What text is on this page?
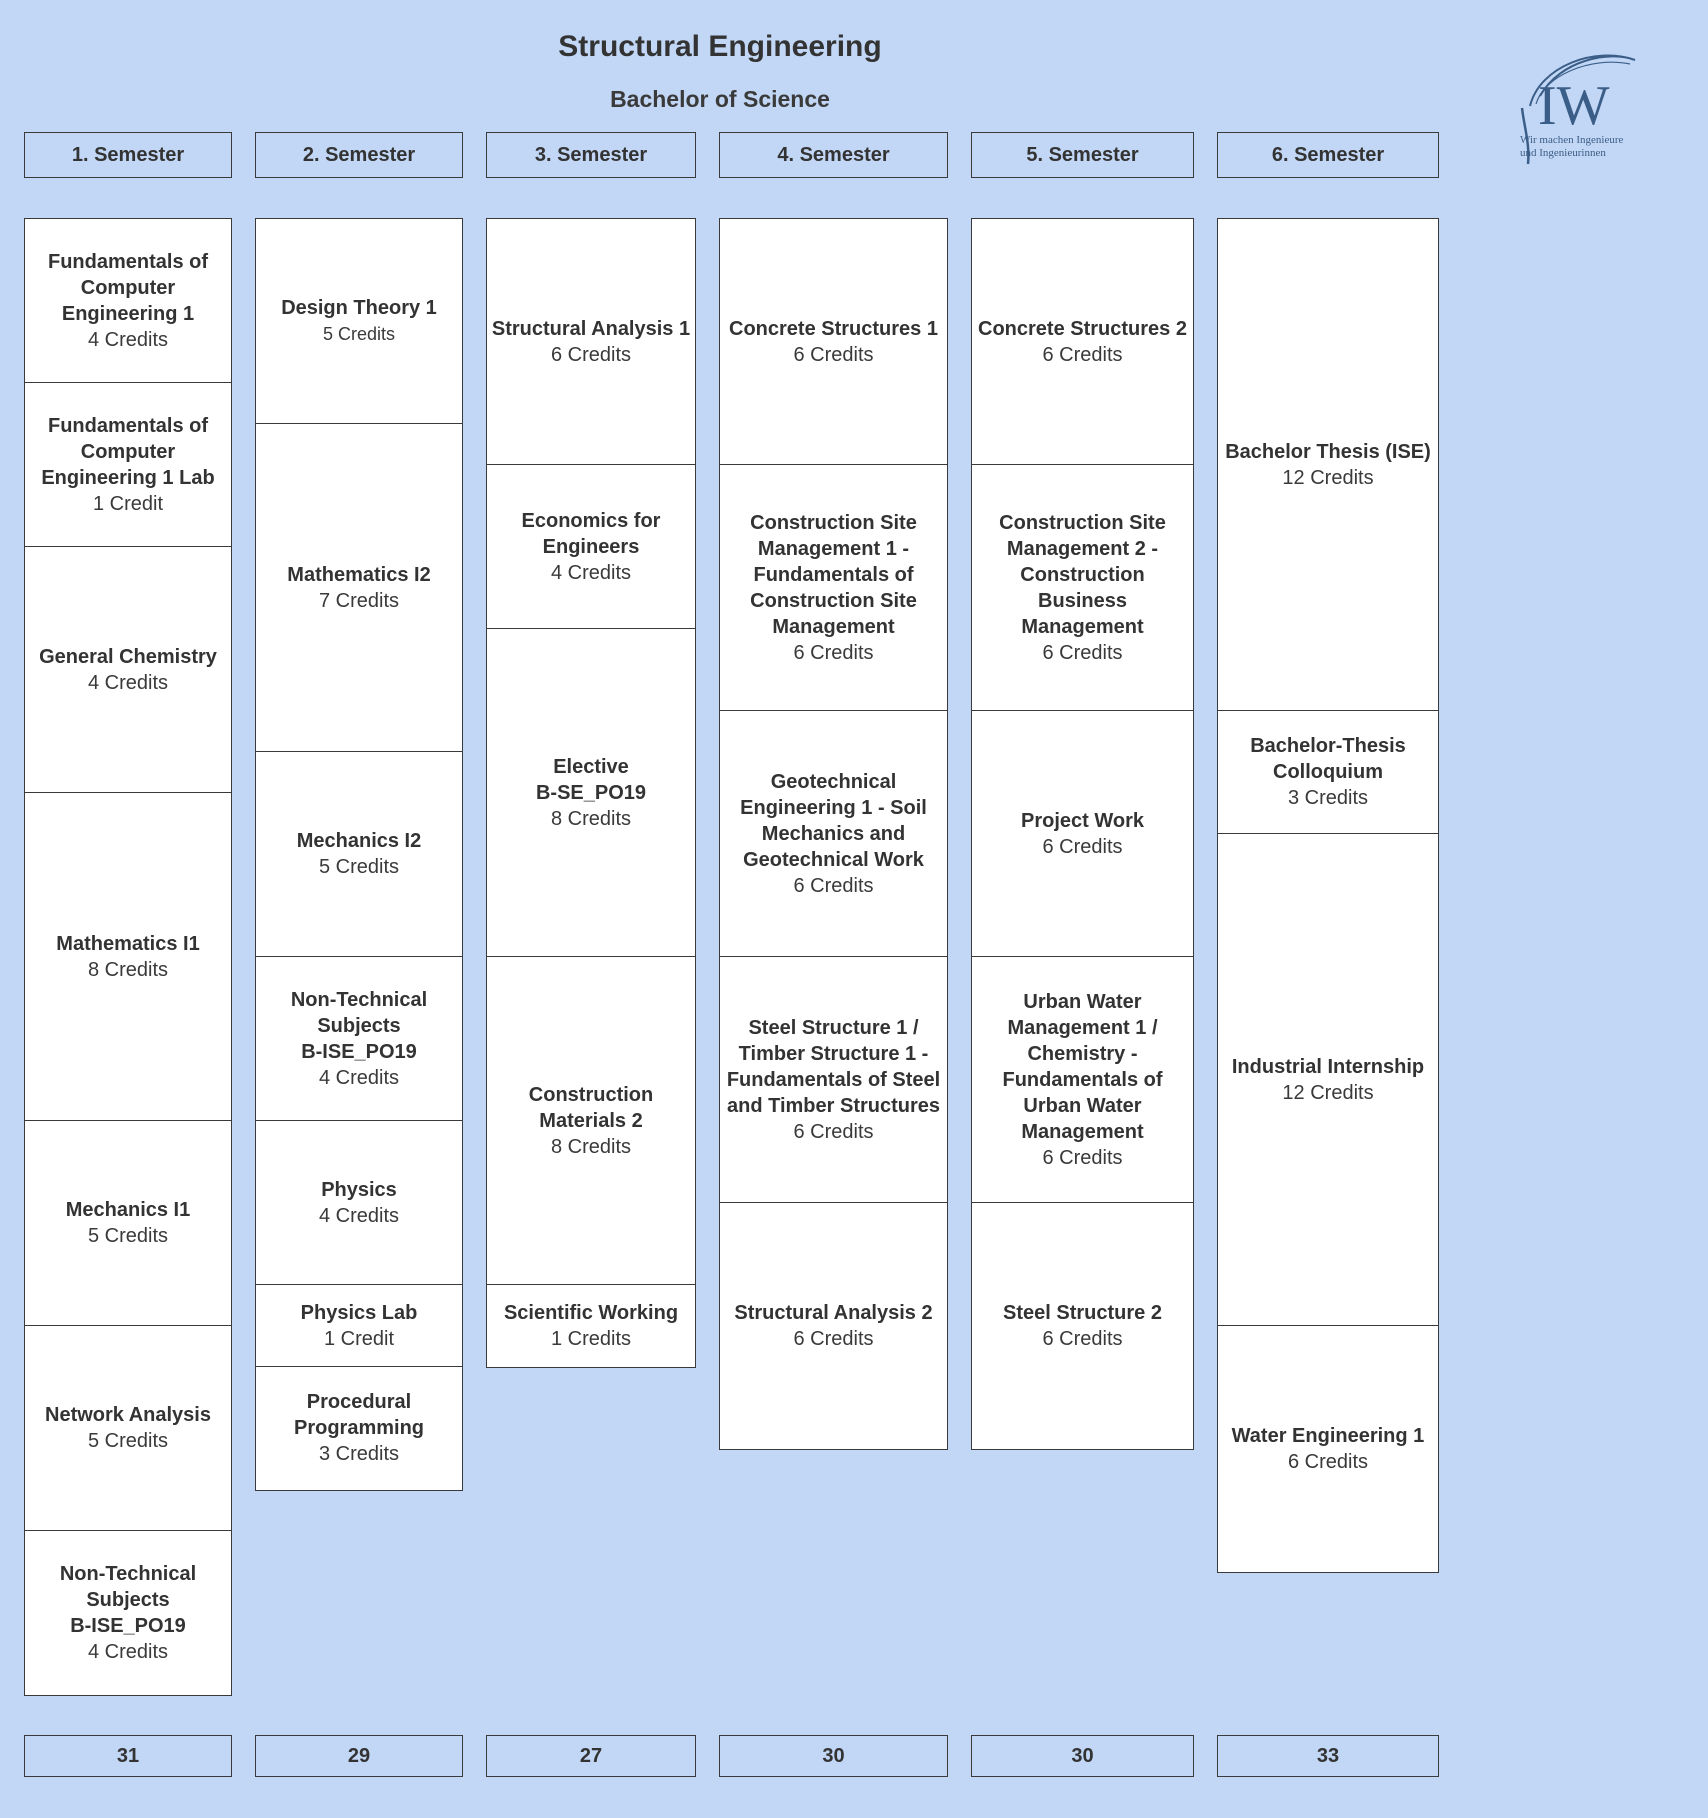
Structural Engineering
Bachelor of Science	IW
Wir machen Ingenieure
und Ingenieurinnen
1. Semester
Fundamentals of
Computer
Engineering 1
4 Credits
Fundamentals of
Computer
Engineering 1 Lab
1 Credit
General Chemistry
4 Credits
Mathematics I1
8 Credits
Mechanics I1
5 Credits
Network Analysis
5 Credits
Non-Technical
Subjects
B-ISE_PO19
4 Credits
31
2. Semester
Design Theory 1
5 Credits
Mathematics I2
7 Credits
Mechanics I2
5 Credits
Non-Technical
Subjects
B-ISE_PO19
4 Credits
Physics
4 Credits
Physics Lab
1 Credit
Procedural
Programming
3 Credits
29
3. Semester
Structural Analysis 1
6 Credits
Economics for
Engineers
4 Credits
Elective
B-SE_PO19
8 Credits
Construction
Materials 2
8 Credits
Scientific Working
1 Credits
27
4. Semester
Concrete Structures 1
6 Credits
Construction Site
Management 1 -
Fundamentals of
Construction Site
Management
6 Credits
Geotechnical
Engineering 1 - Soil
Mechanics and
Geotechnical Work
6 Credits
Steel Structure 1 /
Timber Structure 1 -
Fundamentals of Steel
and Timber Structures
6 Credits
Structural Analysis 2
6 Credits
30
5. Semester
Concrete Structures 2
6 Credits
Construction Site
Management 2 -
Construction
Business Management
6 Credits
Project Work
6 Credits
Urban Water
Management 1 /
Chemistry -
Fundamentals of
Urban Water
Management
6 Credits
Steel Structure 2
6 Credits
30
6. Semester
Bachelor Thesis (ISE)
12 Credits
Bachelor-Thesis
Colloquium
3 Credits
Industrial Internship
12 Credits
Water Engineering 1
6 Credits
33
